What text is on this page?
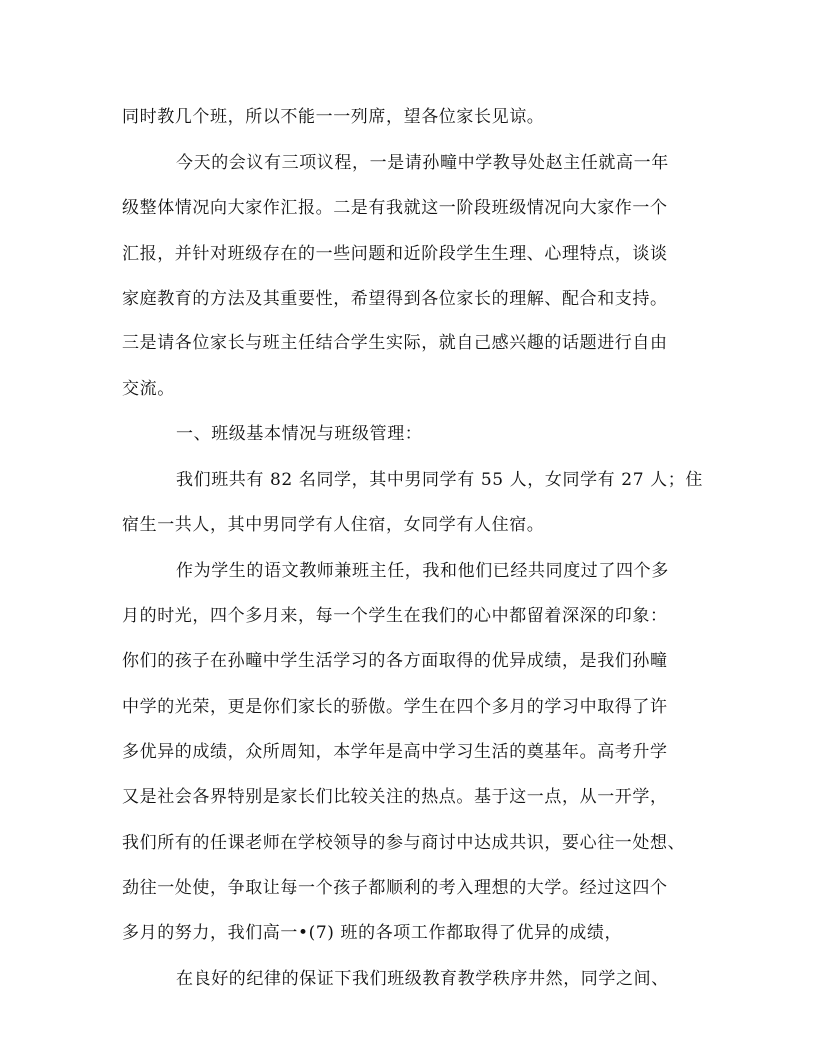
同时教几个班，所以不能一一列席，望各位家长见谅。
今天的会议有三项议程，一是请孙疃中学教导处赵主任就高一年
级整体情况向大家作汇报。二是有我就这一阶段班级情况向大家作一个
汇报，并针对班级存在的一些问题和近阶段学生生理、心理特点，谈谈
家庭教育的方法及其重要性，希望得到各位家长的理解、配合和支持。
三是请各位家长与班主任结合学生实际，就自己感兴趣的话题进行自由
交流。
一、班级基本情况与班级管理：
我们班共有 82 名同学，其中男同学有 55 人，女同学有 27 人；住
宿生一共人，其中男同学有人住宿，女同学有人住宿。
作为学生的语文教师兼班主任，我和他们已经共同度过了四个多
月的时光，四个多月来，每一个学生在我们的心中都留着深深的印象：
你们的孩子在孙疃中学生活学习的各方面取得的优异成绩，是我们孙疃
中学的光荣，更是你们家长的骄傲。学生在四个多月的学习中取得了许
多优异的成绩，众所周知，本学年是高中学习生活的奠基年。高考升学
又是社会各界特别是家长们比较关注的热点。基于这一点，从一开学，
我们所有的任课老师在学校领导的参与商讨中达成共识，要心往一处想、
劲往一处使，争取让每一个孩子都顺利的考入理想的大学。经过这四个
多月的努力，我们高一•(7) 班的各项工作都取得了优异的成绩，
在良好的纪律的保证下我们班级教育教学秩序井然，同学之间、
